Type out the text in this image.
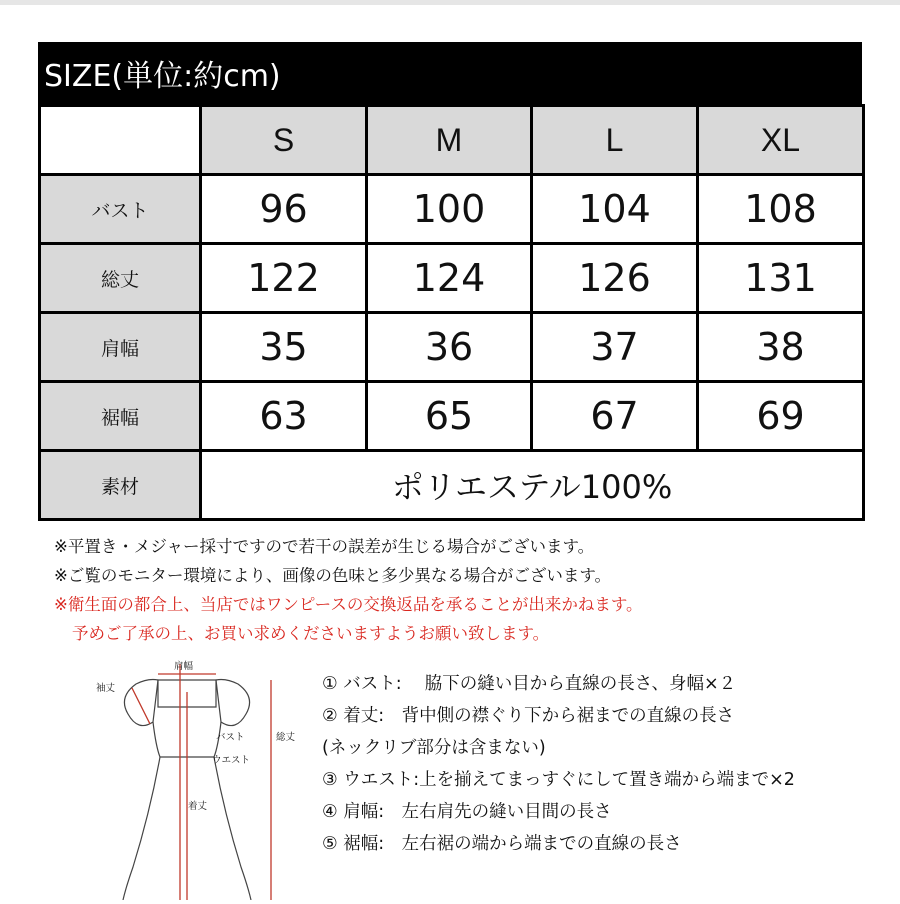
SIZE(単位:約cm)
	S	M	L	XL
バスト	96	100	104	108
総丈	122	124	126	131
肩幅	35	36	37	38
裾幅	63	65	67	69
素材	ポリエステル100%			
※平置き・メジャー採寸ですので若干の誤差が生じる場合がございます。
※ご覧のモニター環境により、画像の色味と多少異なる場合がございます。
※衛生面の都合上、当店ではワンピースの交換返品を承ることが出来かねます。
予めご了承の上、お買い求めくださいますようお願い致します。
肩幅
袖丈
バスト
ウエスト
総丈
着丈
① バスト:　 脇下の縫い目から直線の長さ、身幅×２
② 着丈:　背中側の襟ぐり下から裾までの直線の長さ
(ネックリブ部分は含まない)
③ ウエスト:上を揃えてまっすぐにして置き端から端まで×2
④ 肩幅:　左右肩先の縫い目間の長さ
⑤ 裾幅:　左右裾の端から端までの直線の長さ
